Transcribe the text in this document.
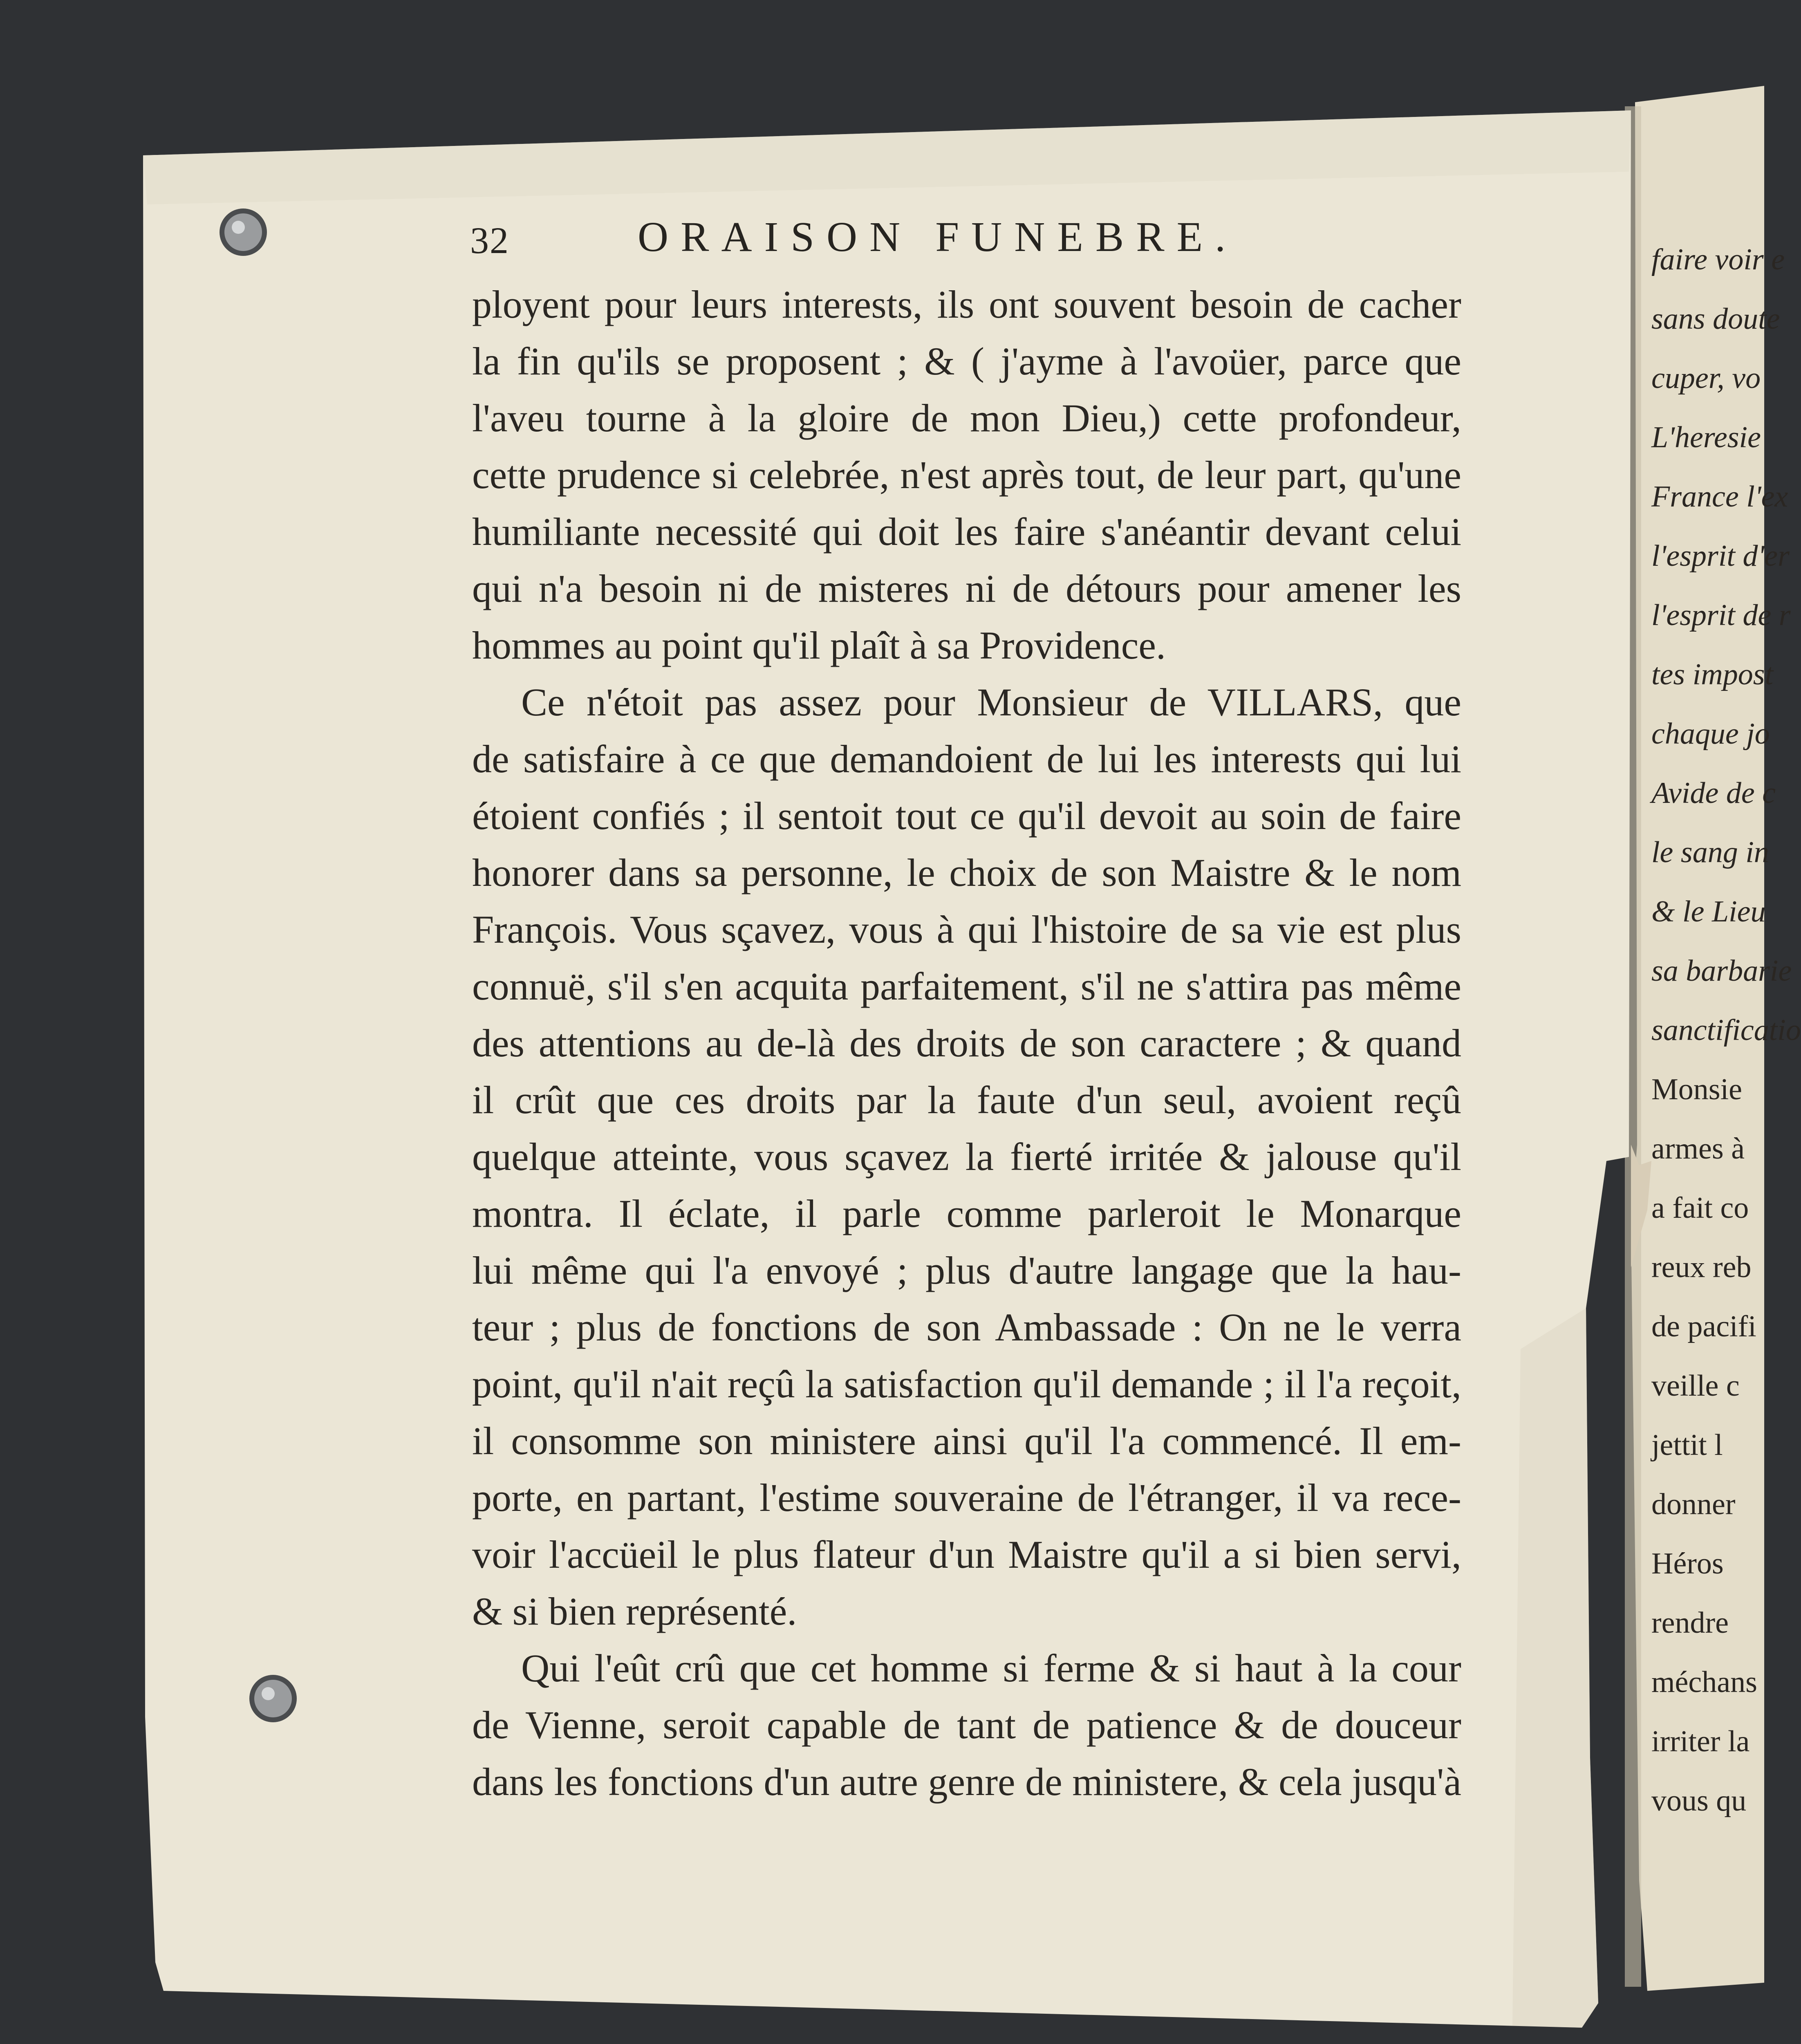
32	ORAISON FUNEBRE.
ployent pour leurs interests, ils ont souvent besoin de cacher
la fin qu'ils se proposent ; & ( j'ayme à l'avoüer, parce que
l'aveu tourne à la gloire de mon Dieu,) cette profondeur,
cette prudence si celebrée, n'est après tout, de leur part, qu'une
humiliante necessité qui doit les faire s'anéantir devant celui
qui n'a besoin ni de misteres ni de détours pour amener les
hommes au point qu'il plaît à sa Providence.
Ce n'étoit pas assez pour Monsieur de VILLARS, que
de satisfaire à ce que demandoient de lui les interests qui lui
étoient confiés ; il sentoit tout ce qu'il devoit au soin de faire
honorer dans sa personne, le choix de son Maistre & le nom
François. Vous sçavez, vous à qui l'histoire de sa vie est plus
connuë, s'il s'en acquita parfaitement, s'il ne s'attira pas même
des attentions au de-là des droits de son caractere ; & quand
il crût que ces droits par la faute d'un seul, avoient reçû
quelque atteinte, vous sçavez la fierté irritée & jalouse qu'il
montra. Il éclate, il parle comme parleroit le Monarque
lui même qui l'a envoyé ; plus d'autre langage que la hau-
teur ; plus de fonctions de son Ambassade : On ne le verra
point, qu'il n'ait reçû la satisfaction qu'il demande ; il l'a reçoit,
il consomme son ministere ainsi qu'il l'a commencé. Il em-
porte, en partant, l'estime souveraine de l'étranger, il va rece-
voir l'accüeil le plus flateur d'un Maistre qu'il a si bien servi,
& si bien représenté.
Qui l'eût crû que cet homme si ferme & si haut à la cour
de Vienne, seroit capable de tant de patience & de douceur
dans les fonctions d'un autre genre de ministere, & cela jusqu'à
faire voir e
sans doute
cuper, vo
L'heresie
France l'ex
l'esprit d'er
l'esprit de r
tes impost
chaque jo
Avide de c
le sang in
& le Lieu
sa barbarie
sanctificatio
Monsie
armes à
a fait co
reux reb
de pacifi
veille c
jettit l
donner
Héros
rendre
méchans
irriter la
vous qu
